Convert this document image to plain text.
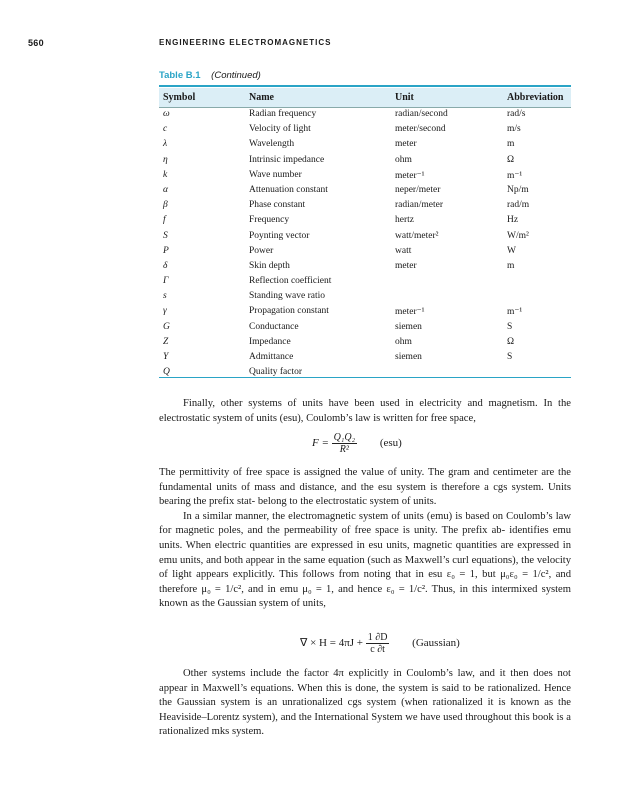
560	ENGINEERING ELECTROMAGNETICS
Table B.1 (Continued)
Symbol	Name	Unit	Abbreviation
ω	Radian frequency	radian/second	rad/s
c	Velocity of light	meter/second	m/s
λ	Wavelength	meter	m
η	Intrinsic impedance	ohm	Ω
k	Wave number	meter⁻¹	m⁻¹
α	Attenuation constant	neper/meter	Np/m
β	Phase constant	radian/meter	rad/m
f	Frequency	hertz	Hz
S	Poynting vector	watt/meter²	W/m²
P	Power	watt	W
δ	Skin depth	meter	m
Γ	Reflection coefficient
s	Standing wave ratio
γ	Propagation constant	meter⁻¹	m⁻¹
G	Conductance	siemen	S
Z	Impedance	ohm	Ω
Y	Admittance	siemen	S
Q	Quality factor

Finally, other systems of units have been used in electricity and magnetism. In the electrostatic system of units (esu), Coulomb’s law is written for free space,

$F = \frac{\text{Q₁Q₂}}{\text{R²}} (esu)$

The permittivity of free space is assigned the value of unity. The gram and centimeter are the fundamental units of mass and distance, and the esu system is therefore a cgs system. Units bearing the prefix stat- belong to the electrostatic system of units.

In a similar manner, the electromagnetic system of units (emu) is based on Coulomb’s law for magnetic poles, and the permeability of free space is unity. The prefix ab- identifies emu units. When electric quantities are expressed in esu units, magnetic quantities are expressed in emu units, and both appear in the same equation (such as Maxwell’s curl equations), the velocity of light appears explicitly. This follows from noting that in esu ε₀ = 1, but μ₀ε₀ = 1/c², and therefore μ₀ = 1/c², and in emu μ₀ = 1, and hence ε₀ = 1/c². Thus, in this intermixed system known as the Gaussian system of units,

∇ × $H = 4\pi J + \frac{1 \partial D}{c \partial t}$ (Gaussian)

Other systems include the factor 4π explicitly in Coulomb’s law, and it then does not appear in Maxwell’s equations. When this is done, the system is said to be rationalized. Hence the Gaussian system is an unrationalized cgs system (when rationalized it is known as the Heaviside–Lorentz system), and the International System we have used throughout this book is a rationalized mks system.
